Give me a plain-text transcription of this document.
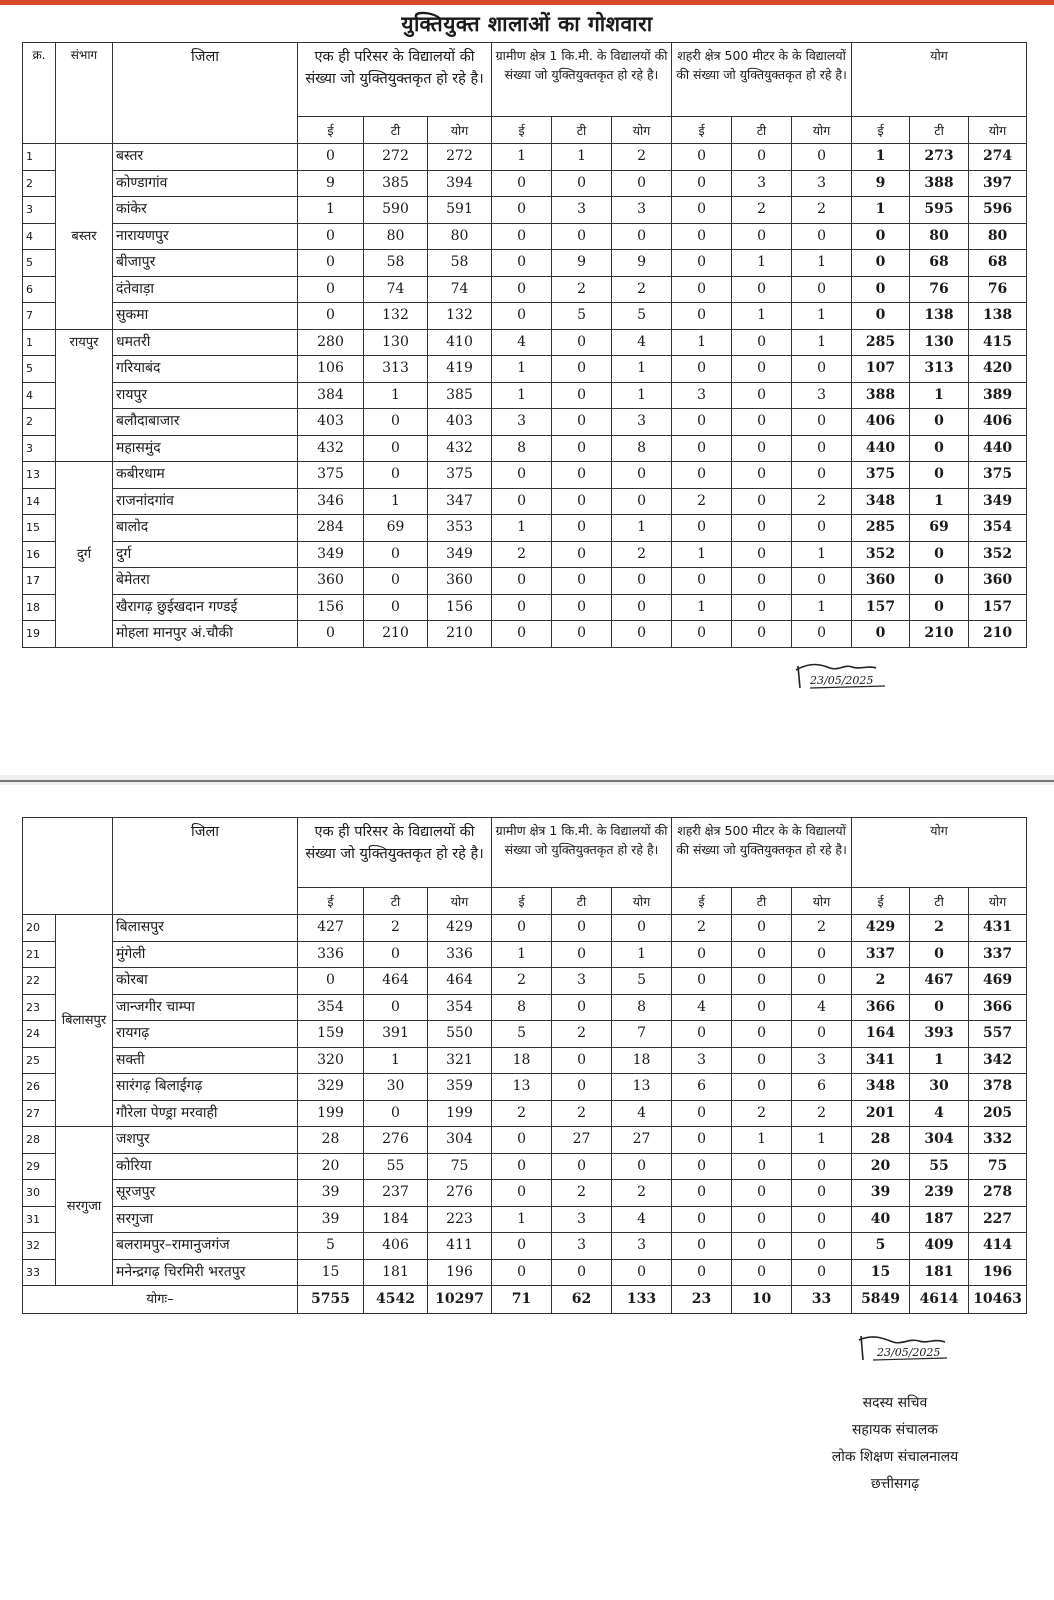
युक्तियुक्त शालाओं का गोशवारा
क्र.	संभाग	जिला	एक ही परिसर के विद्यालयों की संख्या जो युक्तियुक्तकृत हो रहे है।			ग्रामीण क्षेत्र 1 कि.मी. के विद्यालयों की संख्या जो युक्तियुक्तकृत हो रहे है।			शहरी क्षेत्र 500 मीटर के के विद्यालयों की संख्या जो युक्तियुक्तकृत हो रहे है।			योग		
			ई	टी	योग	ई	टी	योग	ई	टी	योग	ई	टी	योग
1	बस्तर	बस्तर	0	272	272	1	1	2	0	0	0	1	273	274
2		कोण्डागांव	9	385	394	0	0	0	0	3	3	9	388	397
3		कांकेर	1	590	591	0	3	3	0	2	2	1	595	596
4		नारायणपुर	0	80	80	0	0	0	0	0	0	0	80	80
5		बीजापुर	0	58	58	0	9	9	0	1	1	0	68	68
6		दंतेवाड़ा	0	74	74	0	2	2	0	0	0	0	76	76
7		सुकमा	0	132	132	0	5	5	0	1	1	0	138	138
1	रायपुर	धमतरी	280	130	410	4	0	4	1	0	1	285	130	415
5		गरियाबंद	106	313	419	1	0	1	0	0	0	107	313	420
4		रायपुर	384	1	385	1	0	1	3	0	3	388	1	389
2		बलौदाबाजार	403	0	403	3	0	3	0	0	0	406	0	406
3		महासमुंद	432	0	432	8	0	8	0	0	0	440	0	440
13	दुर्ग	कबीरधाम	375	0	375	0	0	0	0	0	0	375	0	375
14		राजनांदगांव	346	1	347	0	0	0	2	0	2	348	1	349
15		बालोद	284	69	353	1	0	1	0	0	0	285	69	354
16		दुर्ग	349	0	349	2	0	2	1	0	1	352	0	352
17		बेमेतरा	360	0	360	0	0	0	0	0	0	360	0	360
18		खैरागढ़ छुईखदान गण्डई	156	0	156	0	0	0	1	0	1	157	0	157
19		मोहला मानपुर अं.चौकी	0	210	210	0	0	0	0	0	0	0	210	210
23/05/2025
		जिला	एक ही परिसर के विद्यालयों की संख्या जो युक्तियुक्तकृत हो रहे है।			ग्रामीण क्षेत्र 1 कि.मी. के विद्यालयों की संख्या जो युक्तियुक्तकृत हो रहे है।			शहरी क्षेत्र 500 मीटर के के विद्यालयों की संख्या जो युक्तियुक्तकृत हो रहे है।			योग		
			ई	टी	योग	ई	टी	योग	ई	टी	योग	ई	टी	योग
20	बिलासपुर	बिलासपुर	427	2	429	0	0	0	2	0	2	429	2	431
21		मुंगेली	336	0	336	1	0	1	0	0	0	337	0	337
22		कोरबा	0	464	464	2	3	5	0	0	0	2	467	469
23		जान्जगीर चाम्पा	354	0	354	8	0	8	4	0	4	366	0	366
24		रायगढ़	159	391	550	5	2	7	0	0	0	164	393	557
25		सक्ती	320	1	321	18	0	18	3	0	3	341	1	342
26		सारंगढ़ बिलाईगढ़	329	30	359	13	0	13	6	0	6	348	30	378
27		गौरेला पेण्ड्रा मरवाही	199	0	199	2	2	4	0	2	2	201	4	205
28	सरगुजा	जशपुर	28	276	304	0	27	27	0	1	1	28	304	332
29		कोरिया	20	55	75	0	0	0	0	0	0	20	55	75
30		सूरजपुर	39	237	276	0	2	2	0	0	0	39	239	278
31		सरगुजा	39	184	223	1	3	4	0	0	0	40	187	227
32		बलरामपुर–रामानुजगंज	5	406	411	0	3	3	0	0	0	5	409	414
33		मनेन्द्रगढ़ चिरमिरी भरतपुर	15	181	196	0	0	0	0	0	0	15	181	196
योगः–			5755	4542	10297	71	62	133	23	10	33	5849	4614	10463
23/05/2025
सदस्य सचिव
सहायक संचालक
लोक शिक्षण संचालनालय
छत्तीसगढ़
